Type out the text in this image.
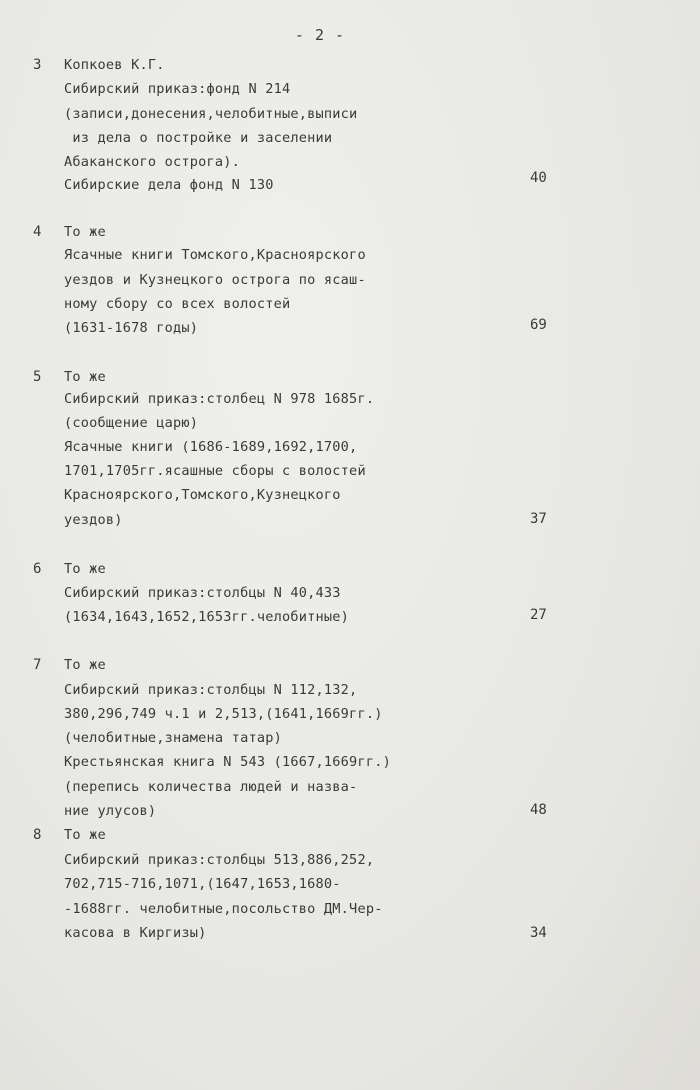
- 2 -
3 Копкоев К.Г.
Сибирский приказ:фонд N 214
(записи,донесения,челобитные,выписи
из дела о постройке и заселении
Абаканского острога).
Сибирские дела фонд N 130	40
4 То же
Ясачные книги Томского,Красноярского
уездов и Кузнецкого острога по ясаш-
ному сбору со всех волостей
(1631-1678 годы)	69
5 То же
Сибирский приказ:столбец N 978 1685г.
(сообщение царю)
Ясачные книги (1686-1689,1692,1700,
1701,1705гг.ясашные сборы с волостей
Красноярского,Томского,Кузнецкого
уездов)	37
6 То же
Сибирский приказ:столбцы N 40,433
(1634,1643,1652,1653гг.челобитные)	27
7 То же
Сибирский приказ:столбцы N 112,132,
380,296,749 ч.1 и 2,513,(1641,1669гг.)
(челобитные,знамена татар)
Крестьянская книга N 543 (1667,1669гг.)
(перепись количества людей и назва-
ние улусов)	48
8 То же
Сибирский приказ:столбцы 513,886,252,
702,715-716,1071,(1647,1653,1680-
-1688гг. челобитные,посольство ДМ.Чер-
касова в Киргизы)	34
